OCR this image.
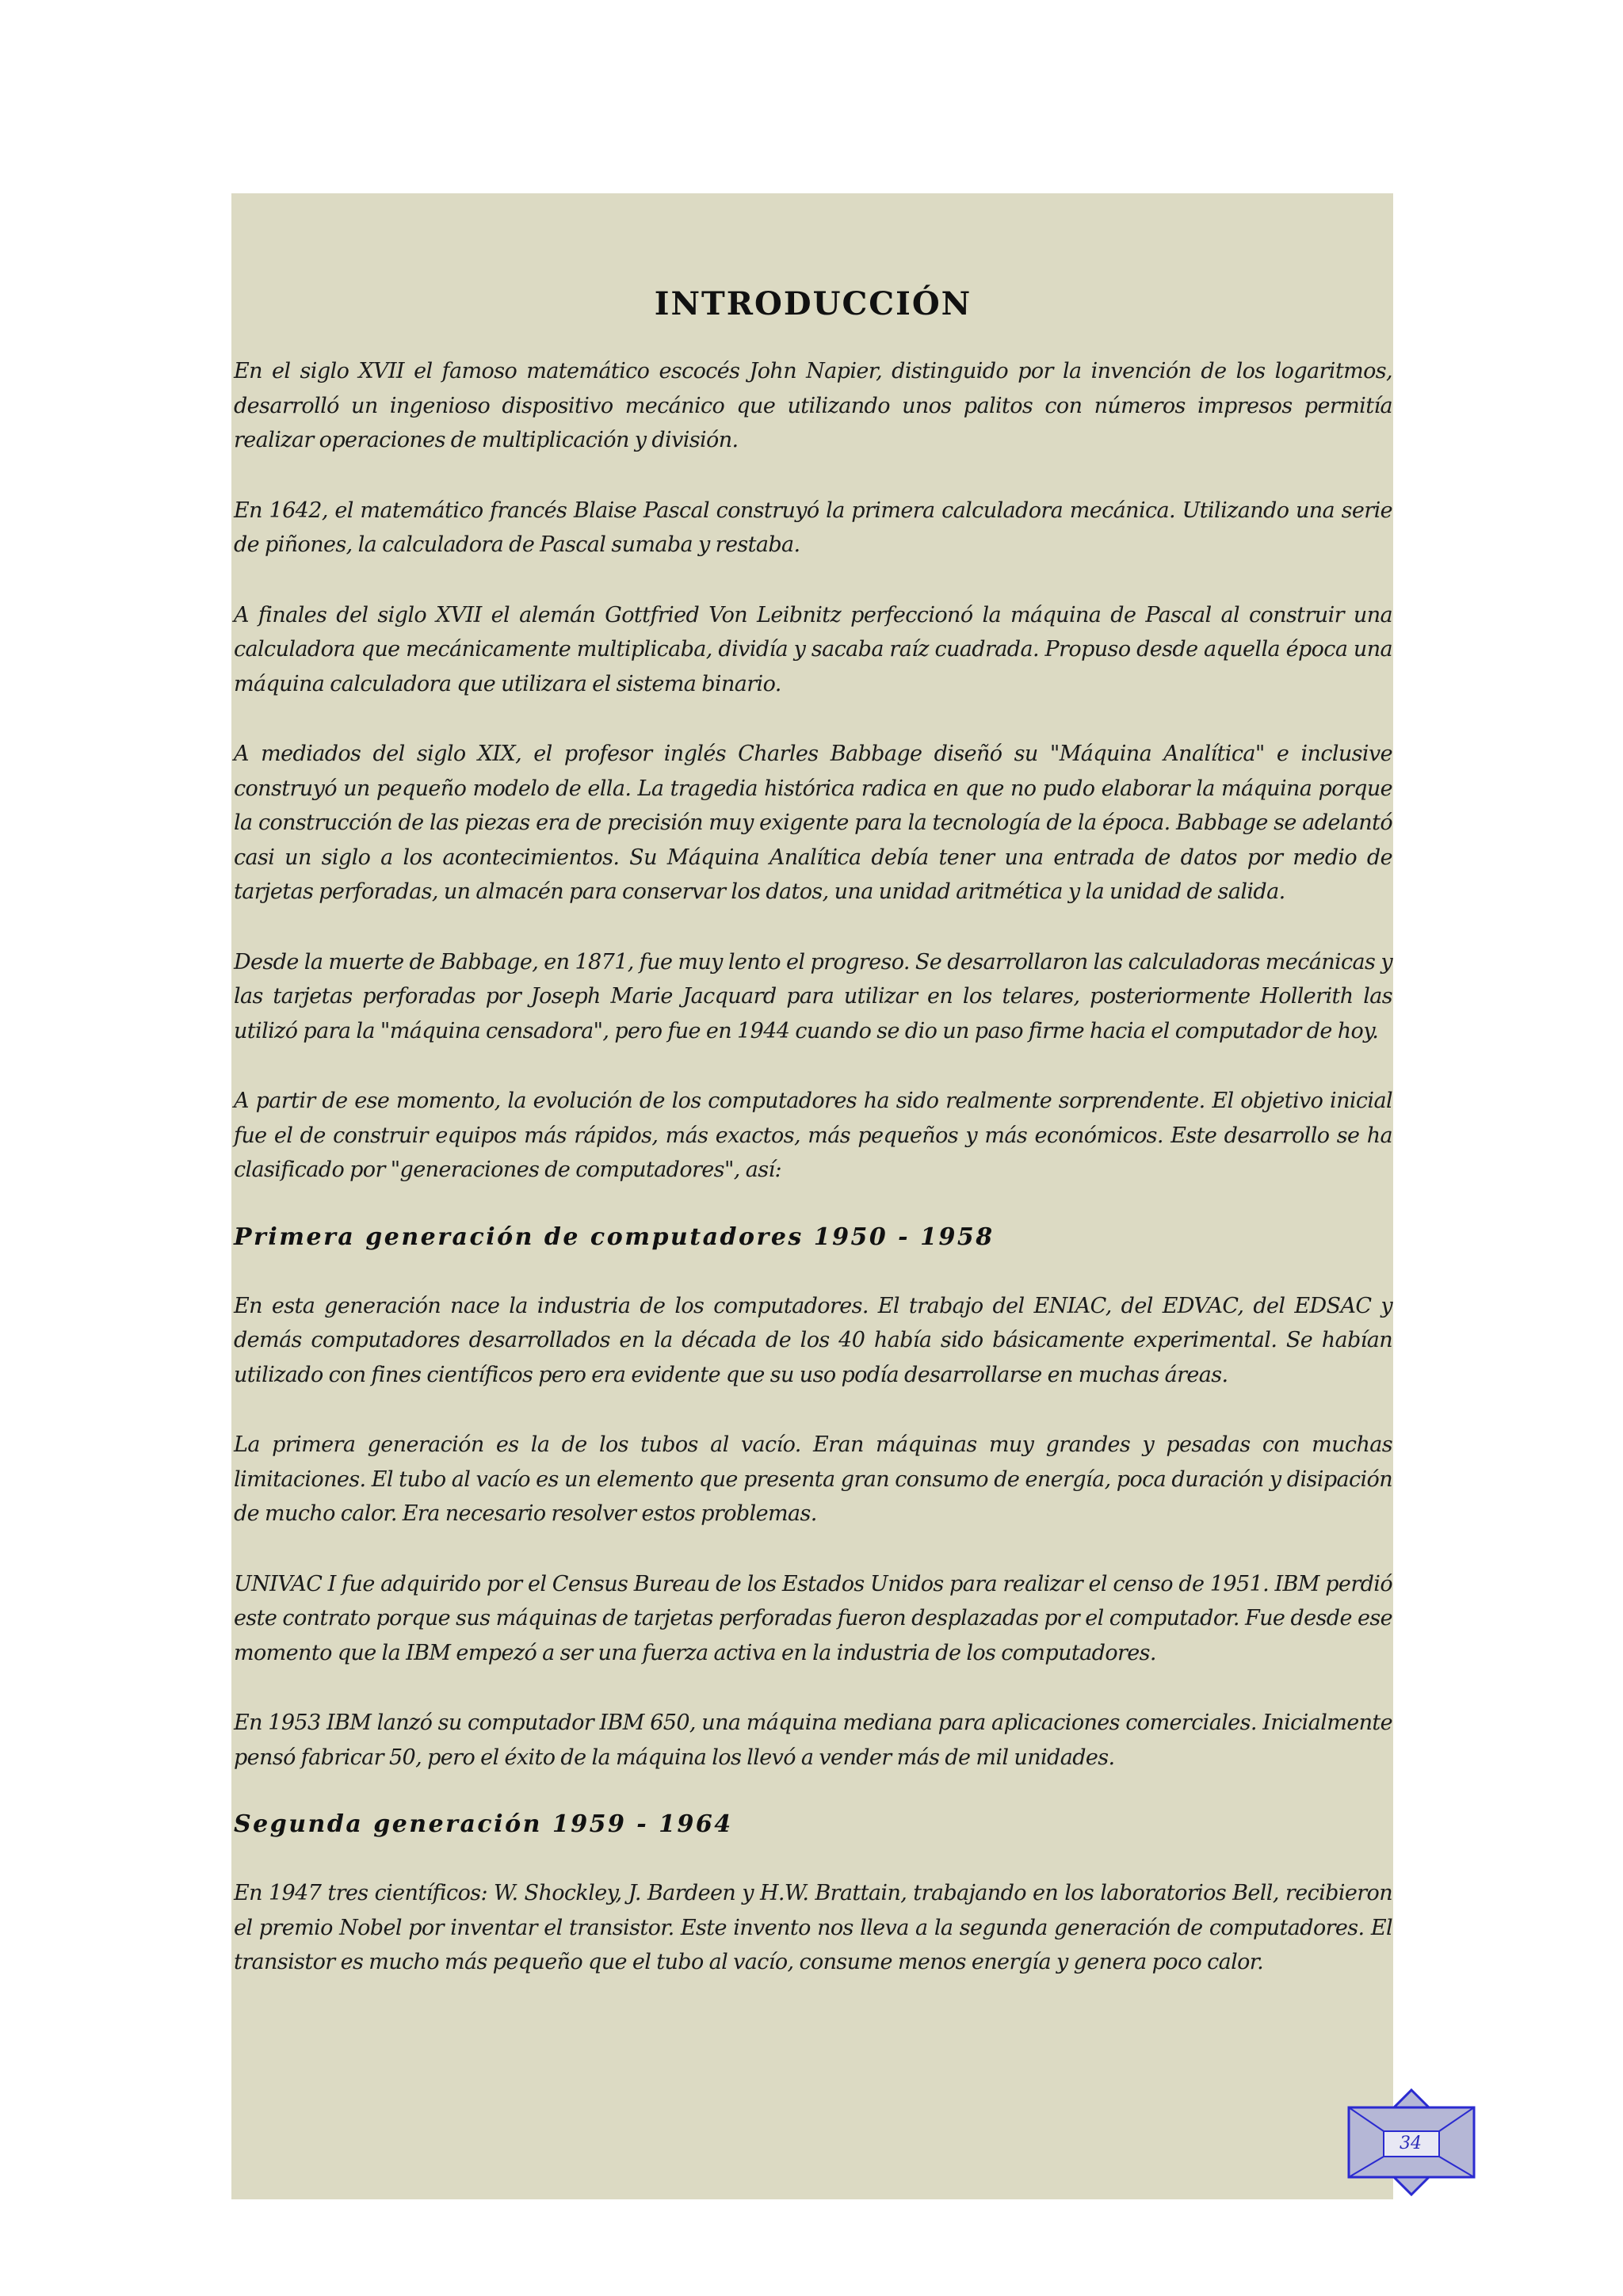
INTRODUCCIÓN

En el siglo XVII el famoso matemático escocés John Napier, distinguido por la invención de los logaritmos, desarrolló un ingenioso dispositivo mecánico que utilizando unos palitos con números impresos permitía realizar operaciones de multiplicación y división.

En 1642, el matemático francés Blaise Pascal construyó la primera calculadora mecánica. Utilizando una serie de piñones, la calculadora de Pascal sumaba y restaba.

A finales del siglo XVII el alemán Gottfried Von Leibnitz perfeccionó la máquina de Pascal al construir una calculadora que mecánicamente multiplicaba, dividía y sacaba raíz cuadrada. Propuso desde aquella época una máquina calculadora que utilizara el sistema binario.

A mediados del siglo XIX, el profesor inglés Charles Babbage diseñó su "Máquina Analítica" e inclusive construyó un pequeño modelo de ella. La tragedia histórica radica en que no pudo elaborar la máquina porque la construcción de las piezas era de precisión muy exigente para la tecnología de la época. Babbage se adelantó casi un siglo a los acontecimientos. Su Máquina Analítica debía tener una entrada de datos por medio de tarjetas perforadas, un almacén para conservar los datos, una unidad aritmética y la unidad de salida.

Desde la muerte de Babbage, en 1871, fue muy lento el progreso. Se desarrollaron las calculadoras mecánicas y las tarjetas perforadas por Joseph Marie Jacquard para utilizar en los telares, posteriormente Hollerith las utilizó para la "máquina censadora", pero fue en 1944 cuando se dio un paso firme hacia el computador de hoy.

A partir de ese momento, la evolución de los computadores ha sido realmente sorprendente. El objetivo inicial fue el de construir equipos más rápidos, más exactos, más pequeños y más económicos. Este desarrollo se ha clasificado por "generaciones de computadores", así:

Primera generación de computadores 1950 - 1958

En esta generación nace la industria de los computadores. El trabajo del ENIAC, del EDVAC, del EDSAC y demás computadores desarrollados en la década de los 40 había sido básicamente experimental. Se habían utilizado con fines científicos pero era evidente que su uso podía desarrollarse en muchas áreas.

La primera generación es la de los tubos al vacío. Eran máquinas muy grandes y pesadas con muchas limitaciones. El tubo al vacío es un elemento que presenta gran consumo de energía, poca duración y disipación de mucho calor. Era necesario resolver estos problemas.

UNIVAC I fue adquirido por el Census Bureau de los Estados Unidos para realizar el censo de 1951. IBM perdió este contrato porque sus máquinas de tarjetas perforadas fueron desplazadas por el computador. Fue desde ese momento que la IBM empezó a ser una fuerza activa en la industria de los computadores.

En 1953 IBM lanzó su computador IBM 650, una máquina mediana para aplicaciones comerciales. Inicialmente pensó fabricar 50, pero el éxito de la máquina los llevó a vender más de mil unidades.

Segunda generación 1959 - 1964

En 1947 tres científicos: W. Shockley, J. Bardeen y H.W. Brattain, trabajando en los laboratorios Bell, recibieron el premio Nobel por inventar el transistor. Este invento nos lleva a la segunda generación de computadores. El transistor es mucho más pequeño que el tubo al vacío, consume menos energía y genera poco calor.

34
